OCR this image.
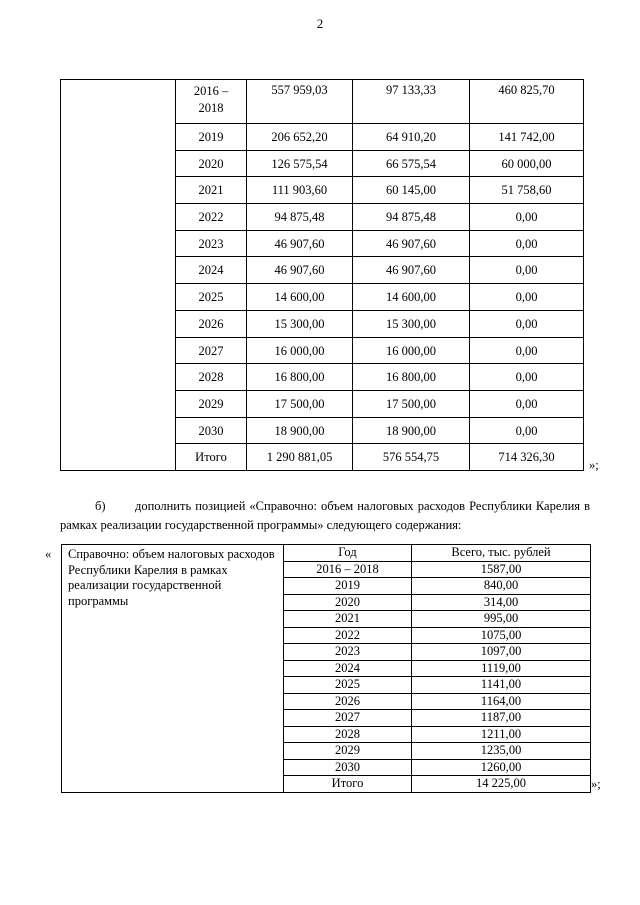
2
	2016 – 2018	557 959,03	97 133,33	460 825,70
	2019	206 652,20	64 910,20	141 742,00
	2020	126 575,54	66 575,54	60 000,00
	2021	111 903,60	60 145,00	51 758,60
	2022	94 875,48	94 875,48	0,00
	2023	46 907,60	46 907,60	0,00
	2024	46 907,60	46 907,60	0,00
	2025	14 600,00	14 600,00	0,00
	2026	15 300,00	15 300,00	0,00
	2027	16 000,00	16 000,00	0,00
	2028	16 800,00	16 800,00	0,00
	2029	17 500,00	17 500,00	0,00
	2030	18 900,00	18 900,00	0,00
	Итого	1 290 881,05	576 554,75	714 326,30
»;
б) дополнить позицией «Справочно: объем налоговых расходов Республики Карелия в рамках реализации государственной программы» следующего содержания:
« Справочно: объем налоговых расходов Республики Карелия в рамках реализации государственной программы	Год	Всего, тыс. рублей
	2016 – 2018	1587,00
	2019	840,00
	2020	314,00
	2021	995,00
	2022	1075,00
	2023	1097,00
	2024	1119,00
	2025	1141,00
	2026	1164,00
	2027	1187,00
	2028	1211,00
	2029	1235,00
	2030	1260,00
	Итого	14 225,00	»;
